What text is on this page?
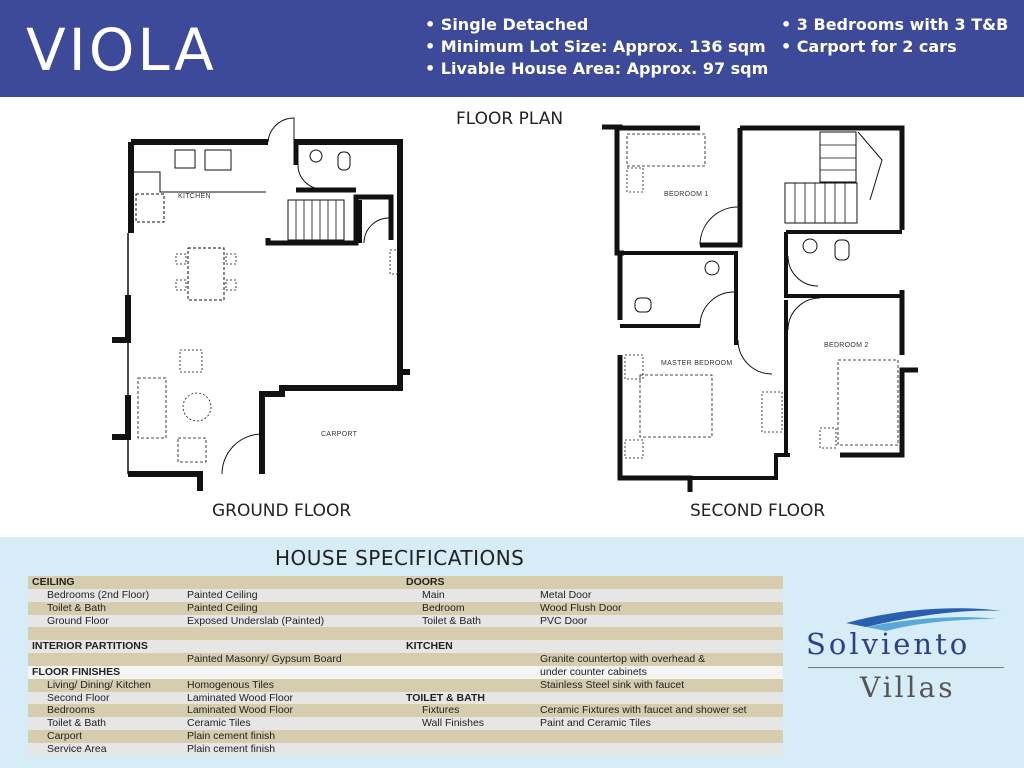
VIOLA
•	Single Detached
• Minimum Lot Size: Approx. 136 sqm
• Livable House Area: Approx. 97 sqm
• 3 Bedrooms with 3 T&B
• Carport for 2 cars
FLOOR PLAN
KITCHEN
CARPORT
BEDROOM 1
MASTER BEDROOM
BEDROOM 2
GROUND FLOOR	SECOND FLOOR
HOUSE SPECIFICATIONS
CEILING	DOORS
Bedrooms (2nd Floor)	Painted Ceiling	Main	Metal Door
Toilet & Bath	Painted Ceiling	Bedroom	Wood Flush Door
Ground Floor	Exposed Underslab (Painted)	Toilet & Bath	PVC Door
INTERIOR PARTITIONS	KITCHEN
Painted Masonry/ Gypsum Board	Granite countertop with overhead &
FLOOR FINISHES	under counter cabinets
Living/ Dining/ Kitchen	Homogenous Tiles	Stainless Steel sink with faucet
Second Floor	Laminated Wood Floor	TOILET & BATH
Bedrooms	Laminated Wood Floor	Fixtures	Ceramic Fixtures with faucet and shower set
Toilet & Bath	Ceramic Tiles	Wall Finishes	Paint and Ceramic Tiles
Carport	Plain cement finish
Service Area	Plain cement finish
Solviento
Villas
